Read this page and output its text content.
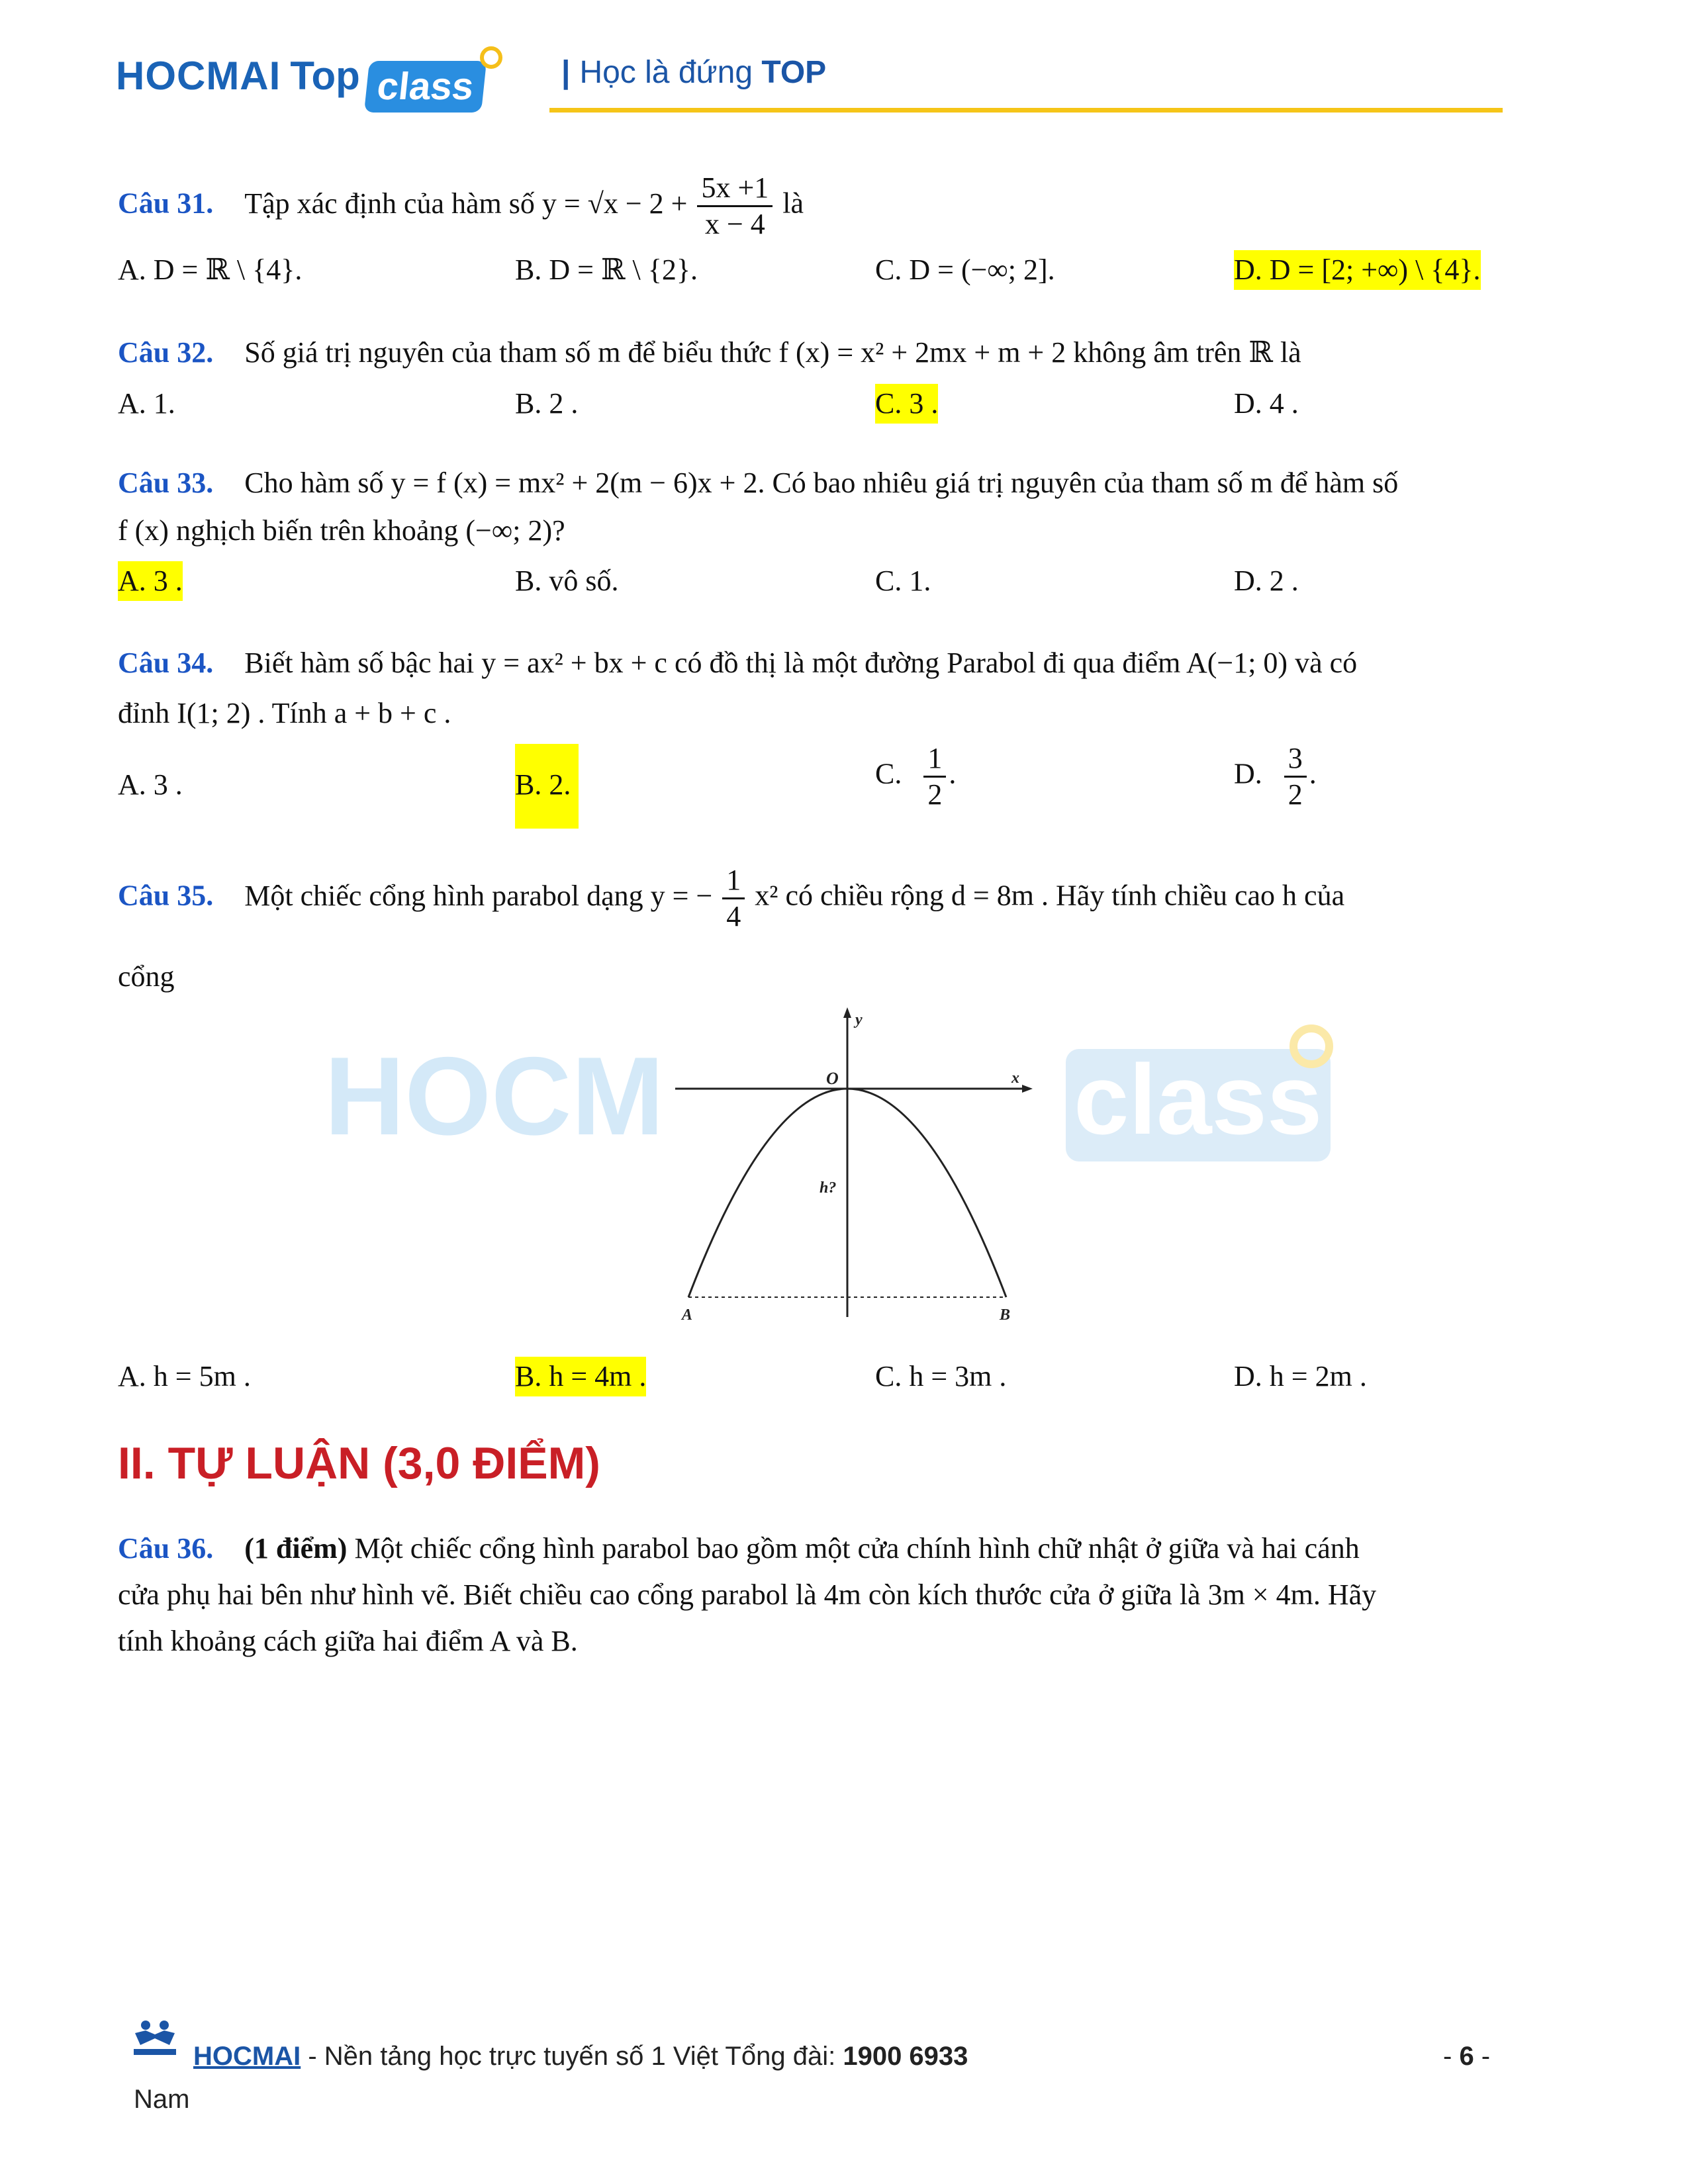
HOCMAI Top class	| Học là đứng TOP
Câu 31. Tập xác định của hàm số $y = √x - 2 + \frac{5x +1}{x - 4}$ là
A. D = ℝ \ {4}.	B. D = ℝ \ {2}.	C. D = (−∞; 2].	D. D = [2; +∞) \ {4}.
Câu 32. Số giá trị nguyên của tham số m để biểu thức f (x) = x² + 2mx + m + 2 không âm trên ℝ là
A. 1.	B. 2 .	C. 3 .	D. 4 .
Câu 33. Cho hàm số y = f (x) = mx² + 2(m − 6)x + 2. Có bao nhiêu giá trị nguyên của tham số m để hàm số
f (x) nghịch biến trên khoảng (−∞; 2)?
A. 3 .	B. vô số.	C. 1.	D. 2 .
Câu 34. Biết hàm số bậc hai y = ax² + bx + c có đồ thị là một đường Parabol đi qua điểm A(−1; 0) và có
đỉnh I(1; 2) . Tính a + b + c .
A. 3 .	B. 2.	C. $\frac{1}{2}$ .	D. $\frac{3}{2}$ .
Câu 35. Một chiếc cổng hình parabol dạng y = − $\frac{1}{4} x^2$ có chiều rộng d = 8m . Hãy tính chiều cao h của
cổng
HOCM	class
y
x
O
h?
A	B
A. h = 5m .	B. h = 4m .	C. h = 3m .	D. h = 2m .
II. TỰ LUẬN (3,0 ĐIỂM)
Câu 36. (1 điểm) Một chiếc cổng hình parabol bao gồm một cửa chính hình chữ nhật ở giữa và hai cánh
cửa phụ hai bên như hình vẽ. Biết chiều cao cổng parabol là 4m còn kích thước cửa ở giữa là 3m × 4m. Hãy
tính khoảng cách giữa hai điểm A và B.
HOCMAI - Nền tảng học trực tuyến số 1 Việt Tổng đài: 1900 6933	- 6 -
Nam
